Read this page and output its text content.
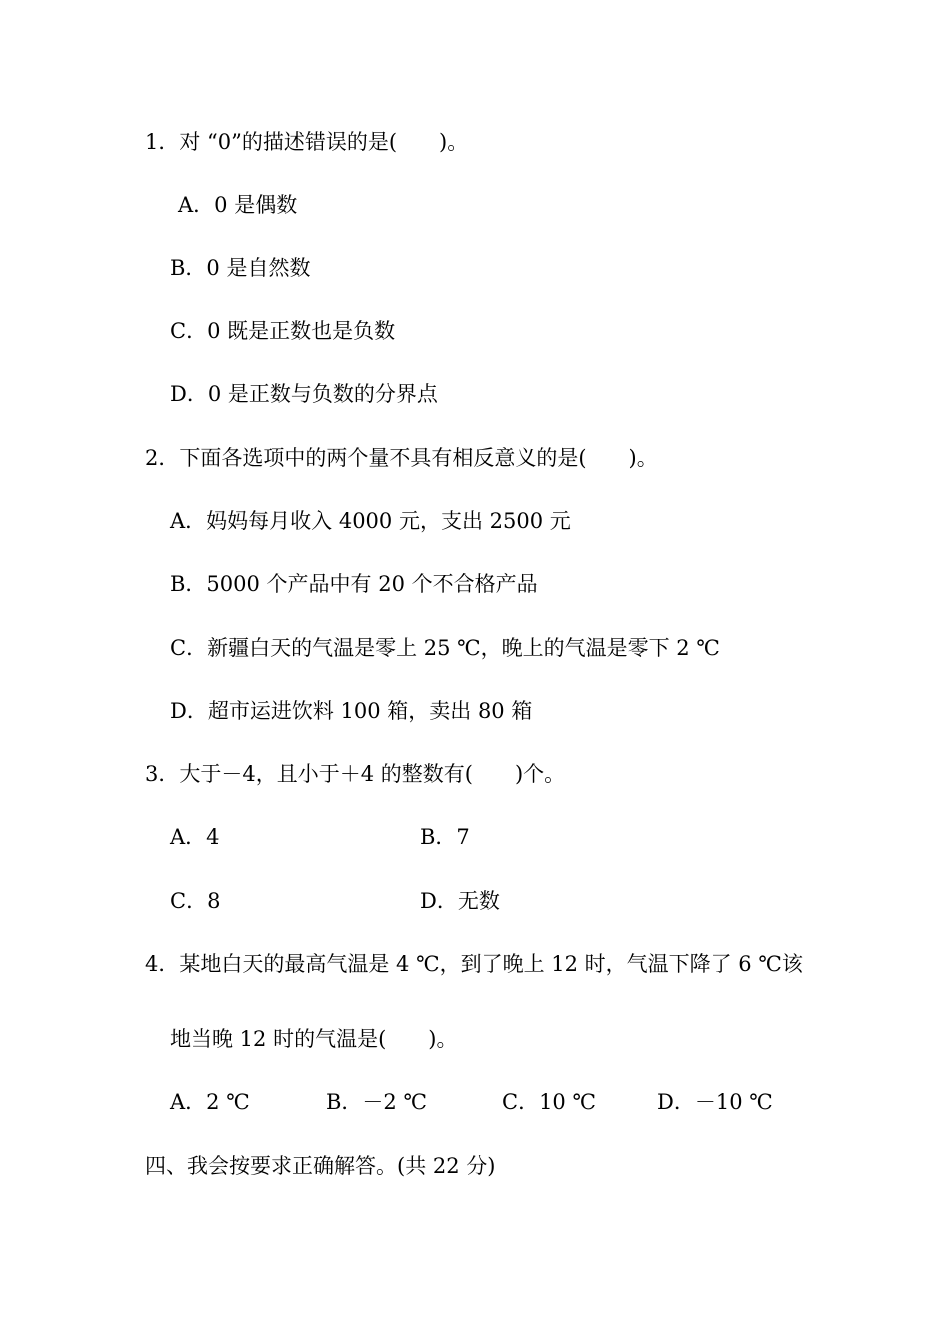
1．对 “0”的描述错误的是(　　)。
A．0 是偶数
B．0 是自然数
C．0 既是正数也是负数
D．0 是正数与负数的分界点
2．下面各选项中的两个量不具有相反意义的是(　　)。
A．妈妈每月收入 4000 元，支出 2500 元
B．5000 个产品中有 20 个不合格产品
C．新疆白天的气温是零上 25 ℃，晚上的气温是零下 2 ℃
D．超市运进饮料 100 箱，卖出 80 箱
3．大于－4，且小于＋4 的整数有(　　)个。
A．4	B．7
C．8	D．无数
4．某地白天的最高气温是 4 ℃，到了晚上 12 时，气温下降了 6 ℃该
地当晚 12 时的气温是(　　)。
A．2 ℃	B．－2 ℃	C．10 ℃	D．－10 ℃
四、我会按要求正确解答。(共 22 分)
